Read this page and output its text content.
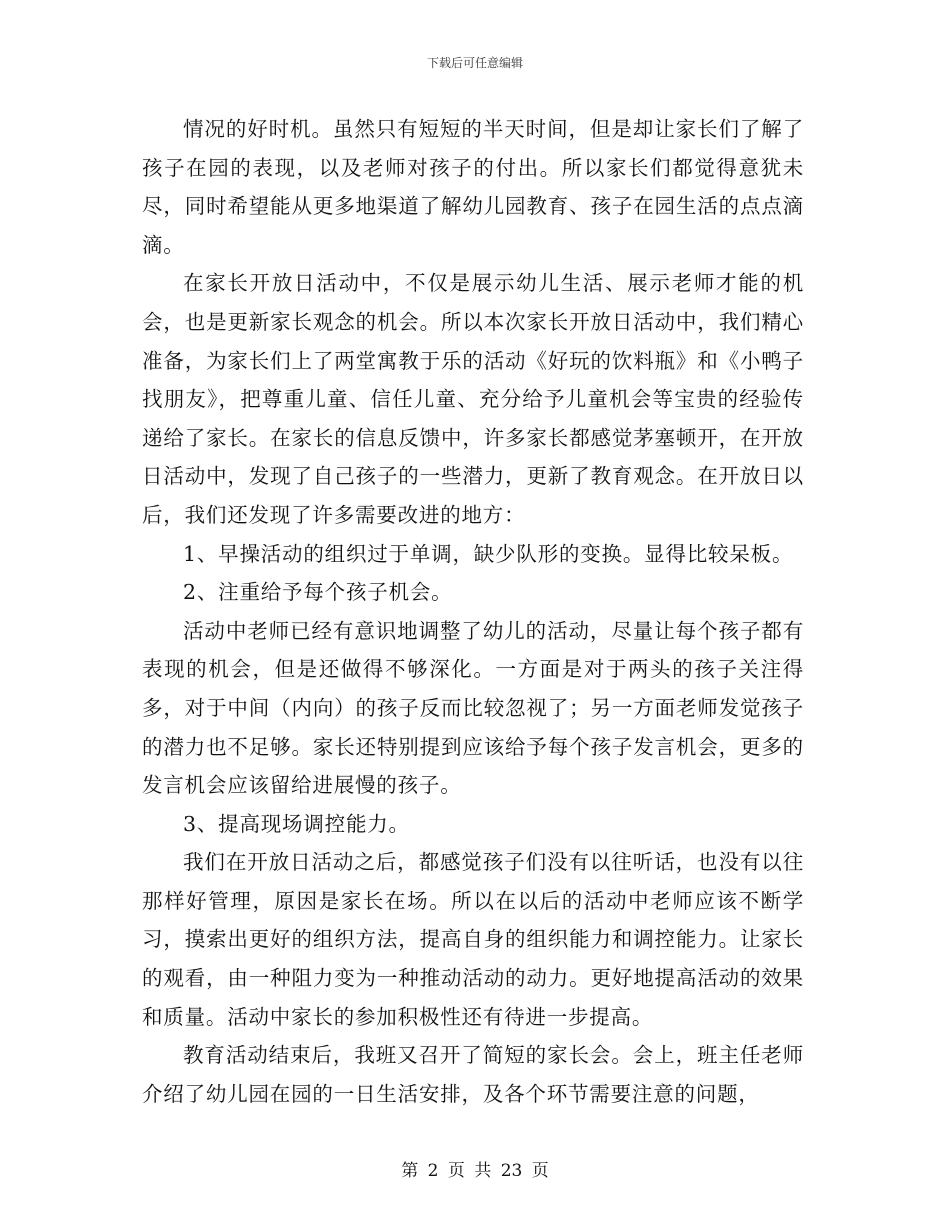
下载后可任意编辑

情况的好时机。虽然只有短短的半天时间，但是却让家长们了解了孩子在园的表现，以及老师对孩子的付出。所以家长们都觉得意犹未尽，同时希望能从更多地渠道了解幼儿园教育、孩子在园生活的点点滴滴。

在家长开放日活动中，不仅是展示幼儿生活、展示老师才能的机会，也是更新家长观念的机会。所以本次家长开放日活动中，我们精心准备，为家长们上了两堂寓教于乐的活动《好玩的饮料瓶》和《小鸭子找朋友》，把尊重儿童、信任儿童、充分给予儿童机会等宝贵的经验传递给了家长。在家长的信息反馈中，许多家长都感觉茅塞顿开，在开放日活动中，发现了自己孩子的一些潜力，更新了教育观念。在开放日以后，我们还发现了许多需要改进的地方：

1、早操活动的组织过于单调，缺少队形的变换。显得比较呆板。

2、注重给予每个孩子机会。

活动中老师已经有意识地调整了幼儿的活动，尽量让每个孩子都有表现的机会，但是还做得不够深化。一方面是对于两头的孩子关注得多，对于中间（内向）的孩子反而比较忽视了；另一方面老师发觉孩子的潜力也不足够。家长还特别提到应该给予每个孩子发言机会，更多的发言机会应该留给进展慢的孩子。

3、提高现场调控能力。

我们在开放日活动之后，都感觉孩子们没有以往听话，也没有以往那样好管理，原因是家长在场。所以在以后的活动中老师应该不断学习，摸索出更好的组织方法，提高自身的组织能力和调控能力。让家长的观看，由一种阻力变为一种推动活动的动力。更好地提高活动的效果和质量。活动中家长的参加积极性还有待进一步提高。

教育活动结束后，我班又召开了简短的家长会。会上，班主任老师介绍了幼儿园在园的一日生活安排，及各个环节需要注意的问题，

第 2 页 共 23 页
